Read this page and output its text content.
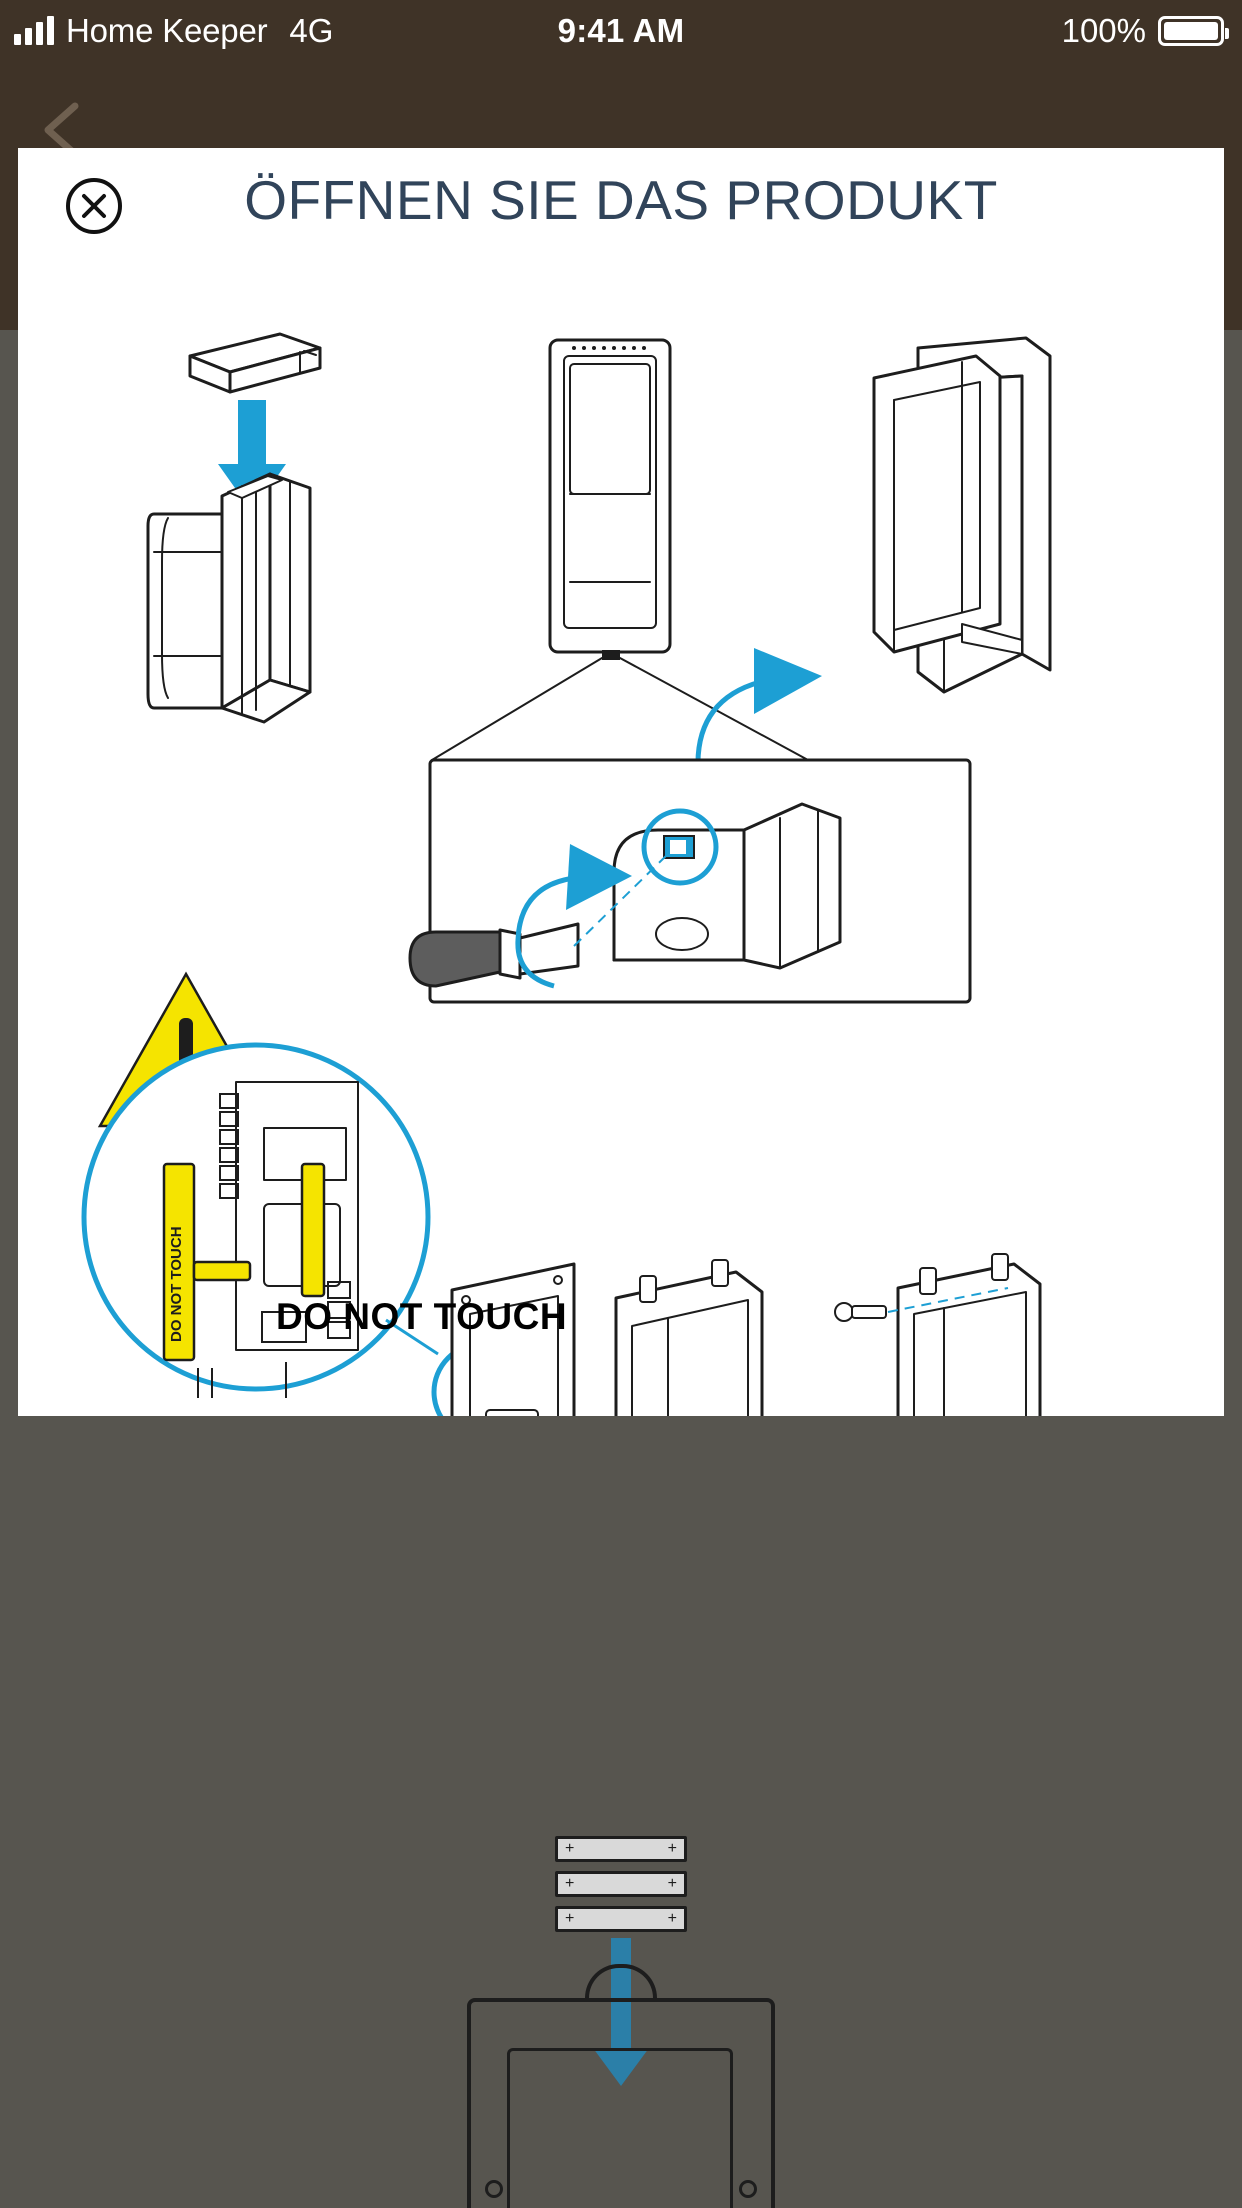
Home Keeper 4G	9:41 AM	100%
+ +
+ +
+ +
ÖFFNEN SIE DAS PRODUKT
DO NOT TOUCH DO NOT TOUCH
